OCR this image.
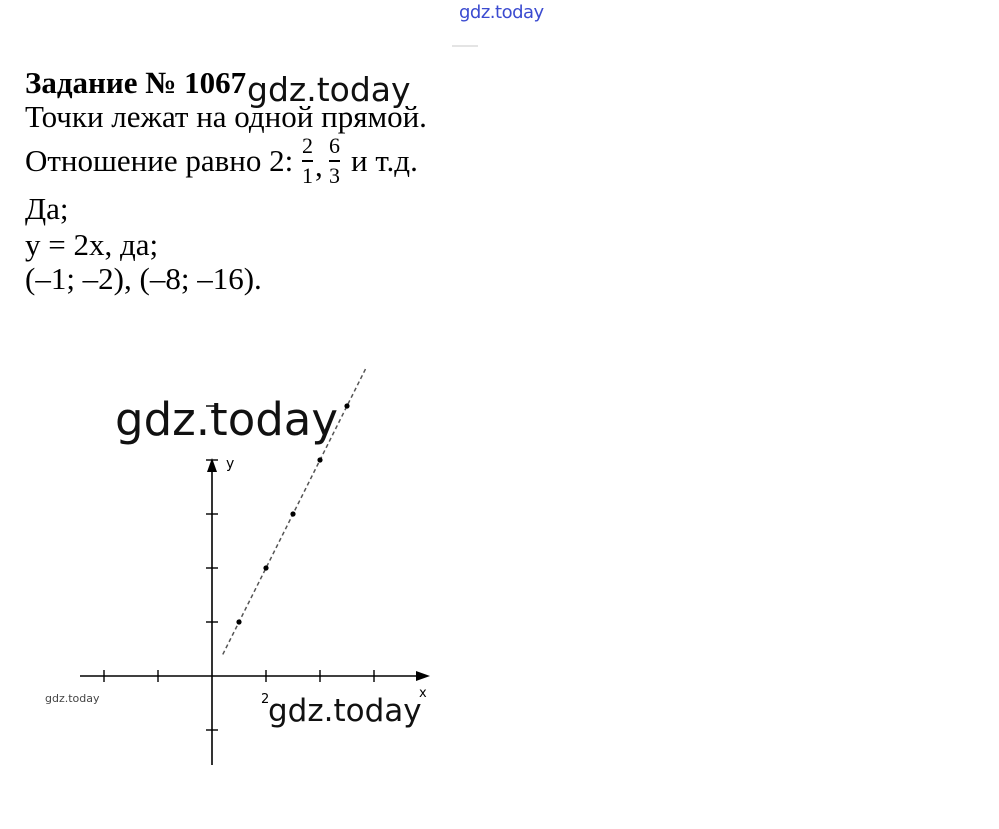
gdz.today
Задание № 1067 gdz.today
Точки лежат на одной прямой.
Отношение равно 2: 2
1 ,
6
3 и т.д.
Да;
y = 2x, да;
(–1; –2), (–8; –16).
x
y
2
gdz.today
gdz.today
gdz.today
